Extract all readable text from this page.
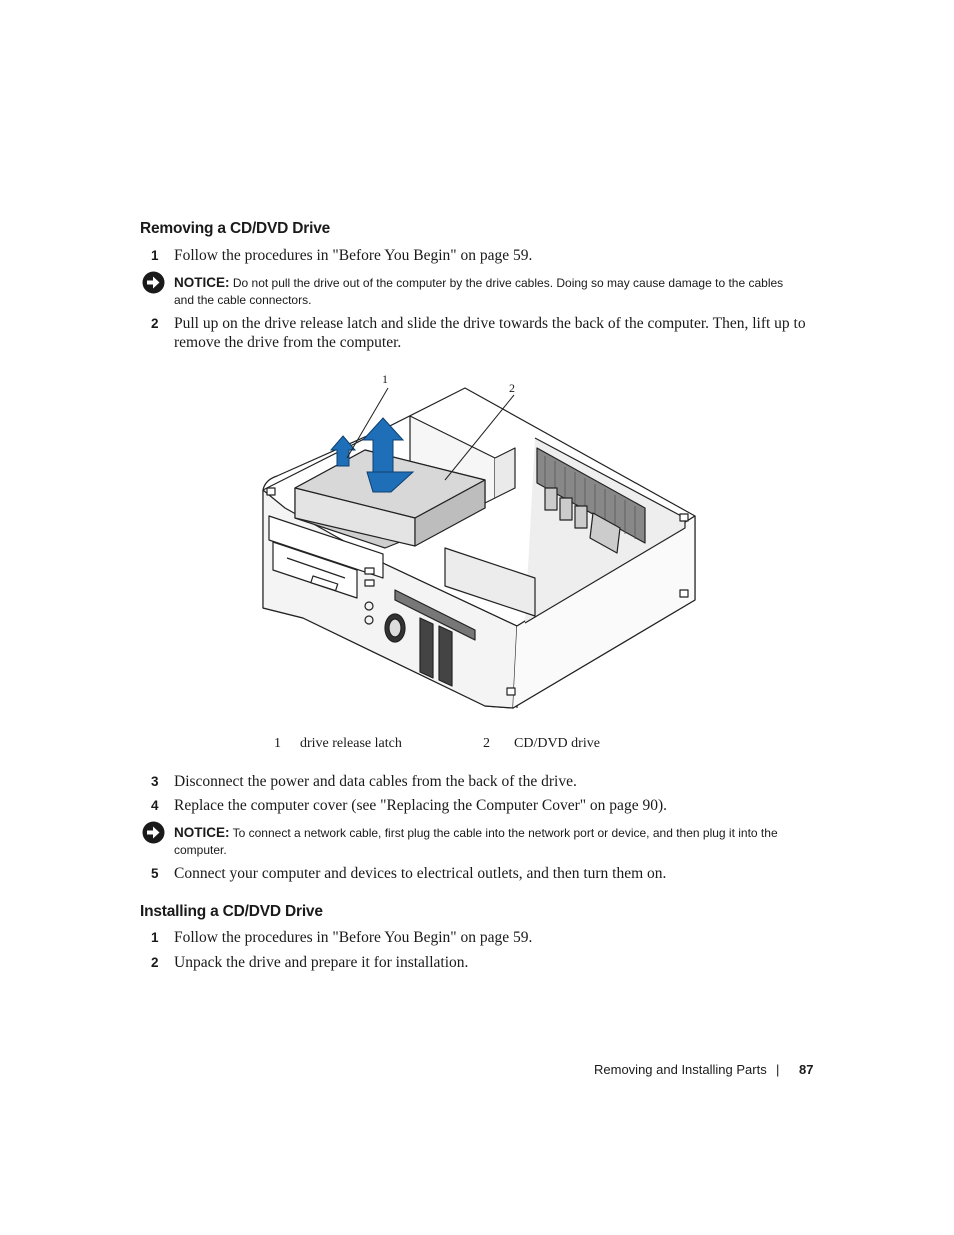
Removing a CD/DVD Drive
1 Follow the procedures in "Before You Begin" on page 59.
NOTICE: Do not pull the drive out of the computer by the drive cables. Doing so may cause damage to the cables
and the cable connectors.
2 Pull up on the drive release latch and slide the drive towards the back of the computer. Then, lift up to
remove the drive from the computer.
1
2
1 drive release latch	2 CD/DVD drive
3 Disconnect the power and data cables from the back of the drive.
4 Replace the computer cover (see "Replacing the Computer Cover" on page 90).
NOTICE: To connect a network cable, first plug the cable into the network port or device, and then plug it into the
computer.
5 Connect your computer and devices to electrical outlets, and then turn them on.
Installing a CD/DVD Drive
1 Follow the procedures in "Before You Begin" on page 59.
2 Unpack the drive and prepare it for installation.
Removing and Installing Parts | 87
